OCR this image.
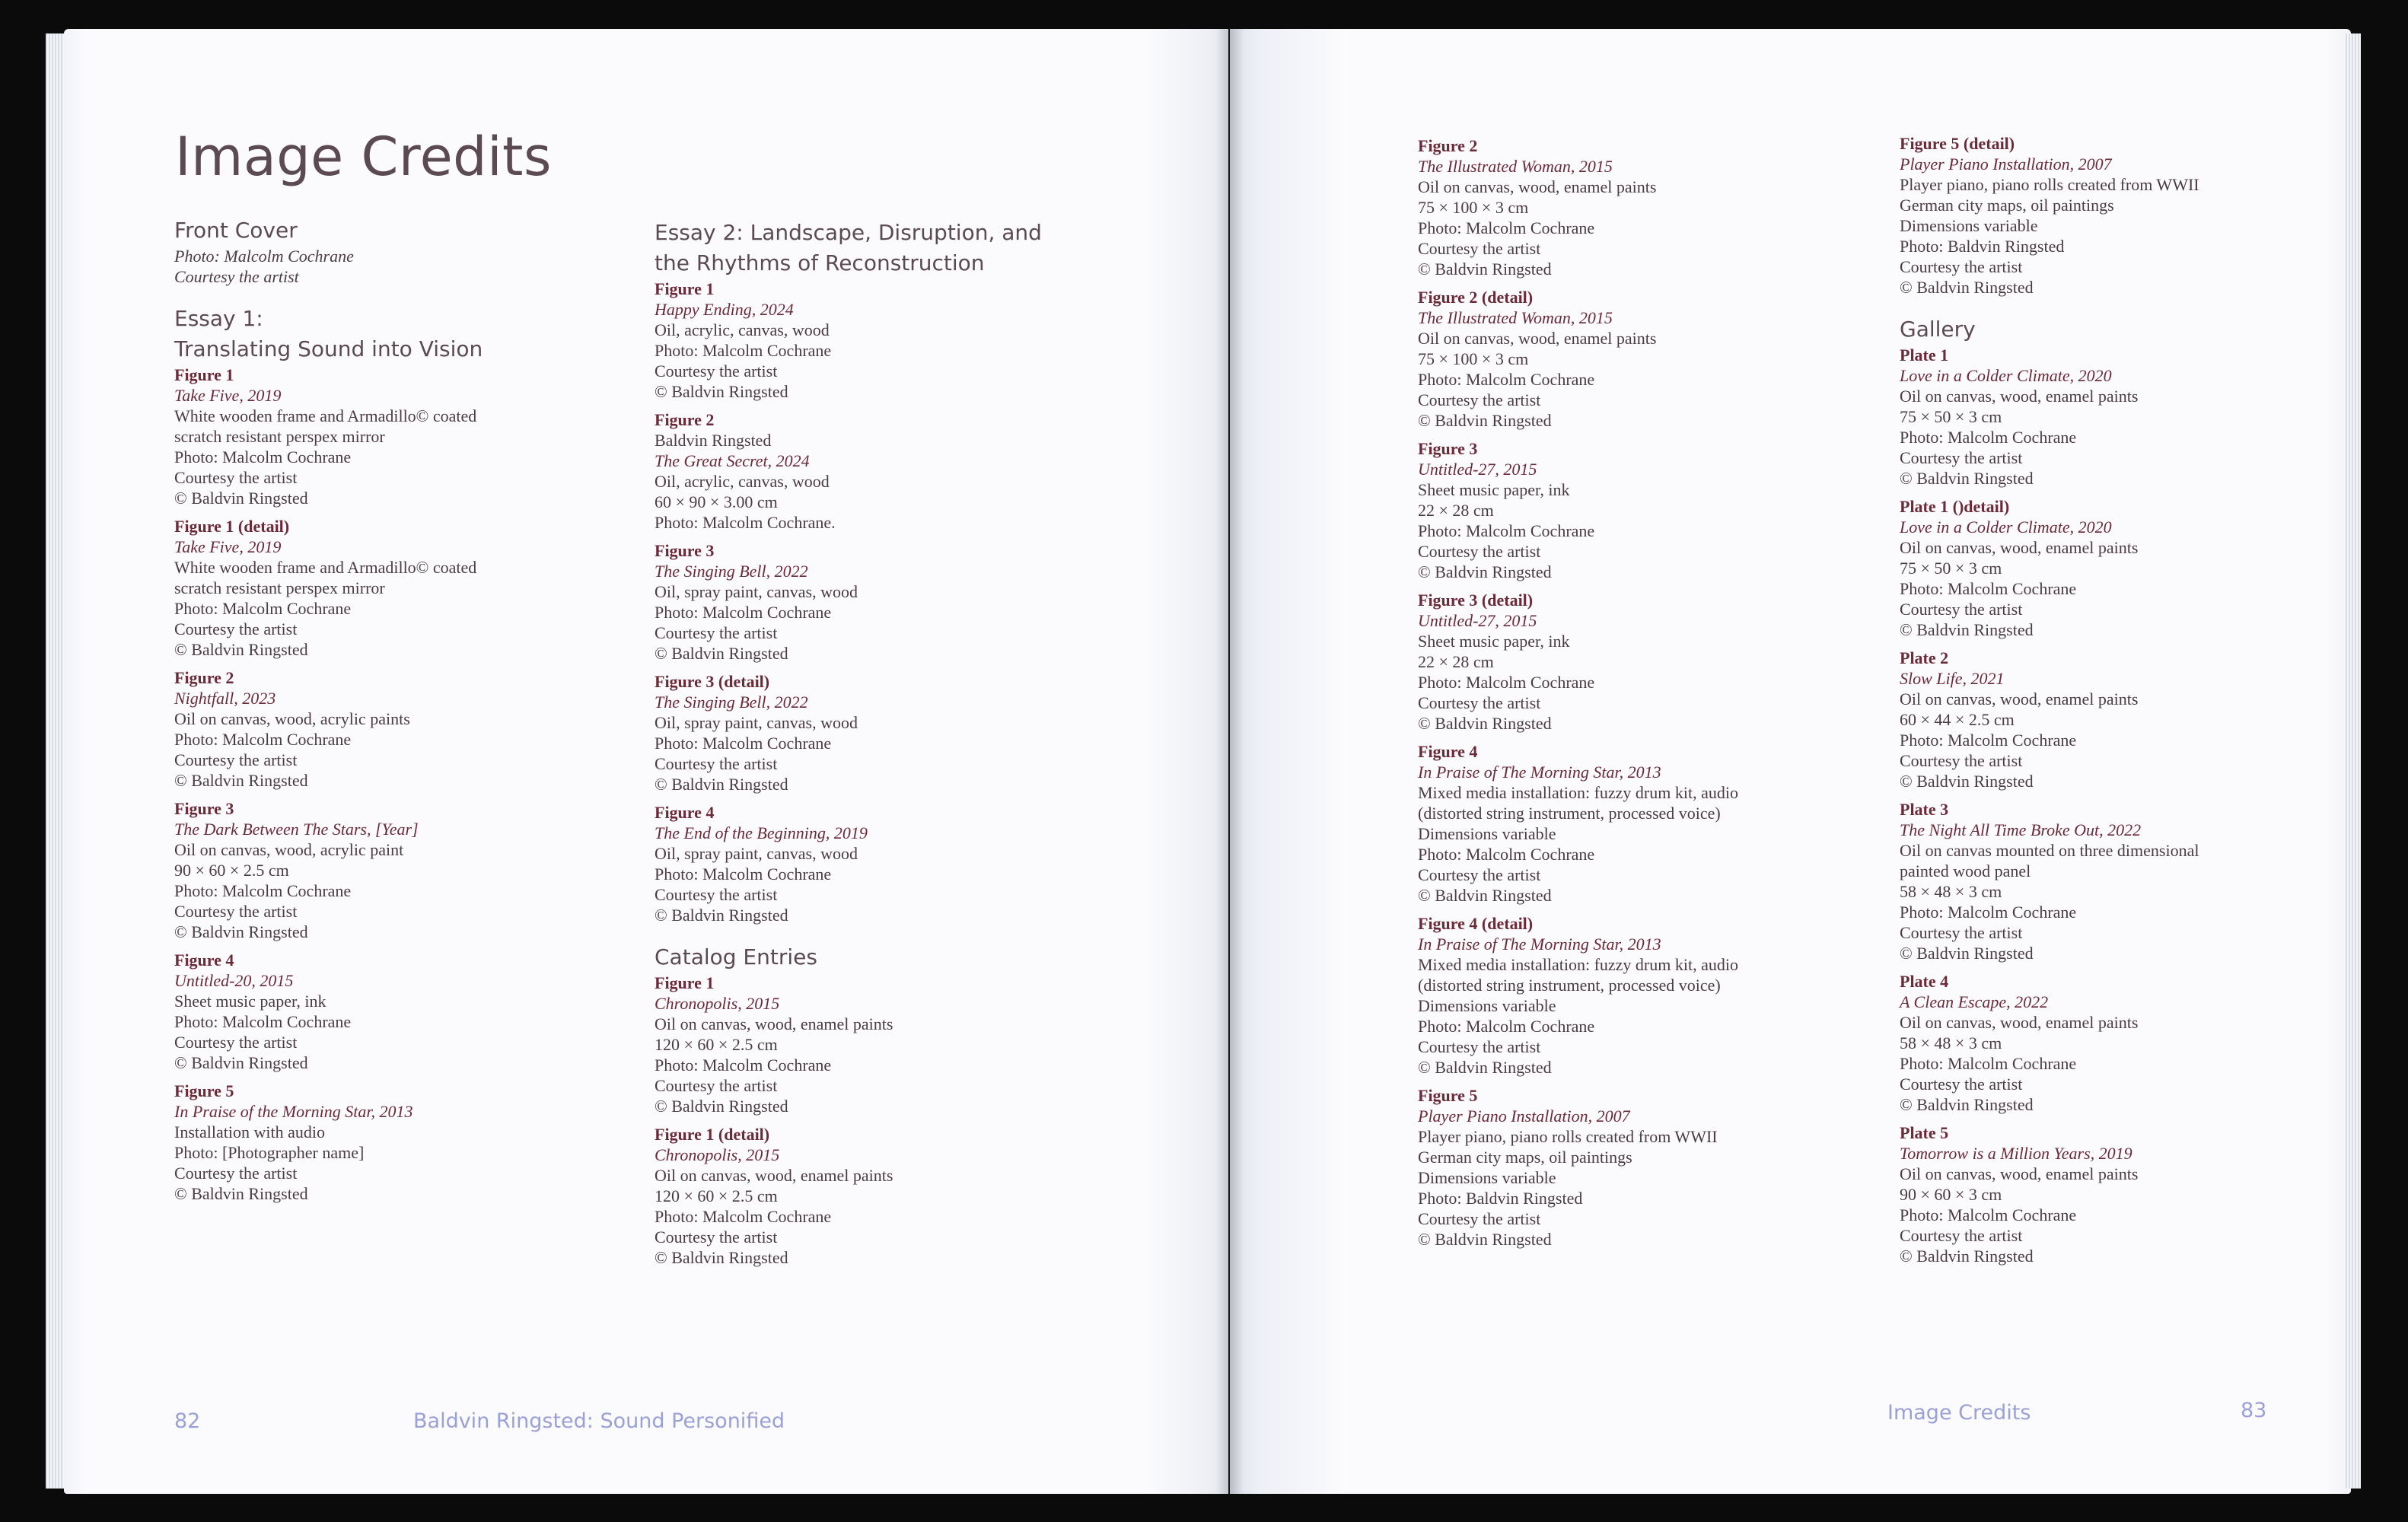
Image Credits
Front Cover
Photo: Malcolm Cochrane
Courtesy the artist
Essay 1:
Translating Sound into Vision
Figure 1
Take Five, 2019
White wooden frame and Armadillo© coated
scratch resistant perspex mirror
Photo: Malcolm Cochrane
Courtesy the artist
© Baldvin Ringsted
Figure 1 (detail)
Take Five, 2019
White wooden frame and Armadillo© coated
scratch resistant perspex mirror
Photo: Malcolm Cochrane
Courtesy the artist
© Baldvin Ringsted
Figure 2
Nightfall, 2023
Oil on canvas, wood, acrylic paints
Photo: Malcolm Cochrane
Courtesy the artist
© Baldvin Ringsted
Figure 3
The Dark Between The Stars, [Year]
Oil on canvas, wood, acrylic paint
90 × 60 × 2.5 cm
Photo: Malcolm Cochrane
Courtesy the artist
© Baldvin Ringsted
Figure 4
Untitled-20, 2015
Sheet music paper, ink
Photo: Malcolm Cochrane
Courtesy the artist
© Baldvin Ringsted
Figure 5
In Praise of the Morning Star, 2013
Installation with audio
Photo: [Photographer name]
Courtesy the artist
© Baldvin Ringsted
Essay 2: Landscape, Disruption, and
the Rhythms of Reconstruction
Figure 1
Happy Ending, 2024
Oil, acrylic, canvas, wood
Photo: Malcolm Cochrane
Courtesy the artist
© Baldvin Ringsted
Figure 2
Baldvin Ringsted
The Great Secret, 2024
Oil, acrylic, canvas, wood
60 × 90 × 3.00 cm
Photo: Malcolm Cochrane.
Figure 3
The Singing Bell, 2022
Oil, spray paint, canvas, wood
Photo: Malcolm Cochrane
Courtesy the artist
© Baldvin Ringsted
Figure 3 (detail)
The Singing Bell, 2022
Oil, spray paint, canvas, wood
Photo: Malcolm Cochrane
Courtesy the artist
© Baldvin Ringsted
Figure 4
The End of the Beginning, 2019
Oil, spray paint, canvas, wood
Photo: Malcolm Cochrane
Courtesy the artist
© Baldvin Ringsted
Catalog Entries
Figure 1
Chronopolis, 2015
Oil on canvas, wood, enamel paints
120 × 60 × 2.5 cm
Photo: Malcolm Cochrane
Courtesy the artist
© Baldvin Ringsted
Figure 1 (detail)
Chronopolis, 2015
Oil on canvas, wood, enamel paints
120 × 60 × 2.5 cm
Photo: Malcolm Cochrane
Courtesy the artist
© Baldvin Ringsted
Figure 2
The Illustrated Woman, 2015
Oil on canvas, wood, enamel paints
75 × 100 × 3 cm
Photo: Malcolm Cochrane
Courtesy the artist
© Baldvin Ringsted
Figure 2 (detail)
The Illustrated Woman, 2015
Oil on canvas, wood, enamel paints
75 × 100 × 3 cm
Photo: Malcolm Cochrane
Courtesy the artist
© Baldvin Ringsted
Figure 3
Untitled-27, 2015
Sheet music paper, ink
22 × 28 cm
Photo: Malcolm Cochrane
Courtesy the artist
© Baldvin Ringsted
Figure 3 (detail)
Untitled-27, 2015
Sheet music paper, ink
22 × 28 cm
Photo: Malcolm Cochrane
Courtesy the artist
© Baldvin Ringsted
Figure 4
In Praise of The Morning Star, 2013
Mixed media installation: fuzzy drum kit, audio
(distorted string instrument, processed voice)
Dimensions variable
Photo: Malcolm Cochrane
Courtesy the artist
© Baldvin Ringsted
Figure 4 (detail)
In Praise of The Morning Star, 2013
Mixed media installation: fuzzy drum kit, audio
(distorted string instrument, processed voice)
Dimensions variable
Photo: Malcolm Cochrane
Courtesy the artist
© Baldvin Ringsted
Figure 5
Player Piano Installation, 2007
Player piano, piano rolls created from WWII
German city maps, oil paintings
Dimensions variable
Photo: Baldvin Ringsted
Courtesy the artist
© Baldvin Ringsted
Figure 5 (detail)
Player Piano Installation, 2007
Player piano, piano rolls created from WWII
German city maps, oil paintings
Dimensions variable
Photo: Baldvin Ringsted
Courtesy the artist
© Baldvin Ringsted
Gallery
Plate 1
Love in a Colder Climate, 2020
Oil on canvas, wood, enamel paints
75 × 50 × 3 cm
Photo: Malcolm Cochrane
Courtesy the artist
© Baldvin Ringsted
Plate 1 ()detail)
Love in a Colder Climate, 2020
Oil on canvas, wood, enamel paints
75 × 50 × 3 cm
Photo: Malcolm Cochrane
Courtesy the artist
© Baldvin Ringsted
Plate 2
Slow Life, 2021
Oil on canvas, wood, enamel paints
60 × 44 × 2.5 cm
Photo: Malcolm Cochrane
Courtesy the artist
© Baldvin Ringsted
Plate 3
The Night All Time Broke Out, 2022
Oil on canvas mounted on three dimensional
painted wood panel
58 × 48 × 3 cm
Photo: Malcolm Cochrane
Courtesy the artist
© Baldvin Ringsted
Plate 4
A Clean Escape, 2022
Oil on canvas, wood, enamel paints
58 × 48 × 3 cm
Photo: Malcolm Cochrane
Courtesy the artist
© Baldvin Ringsted
Plate 5
Tomorrow is a Million Years, 2019
Oil on canvas, wood, enamel paints
90 × 60 × 3 cm
Photo: Malcolm Cochrane
Courtesy the artist
© Baldvin Ringsted
82	Baldvin Ringsted: Sound Personified	Image Credits	83
